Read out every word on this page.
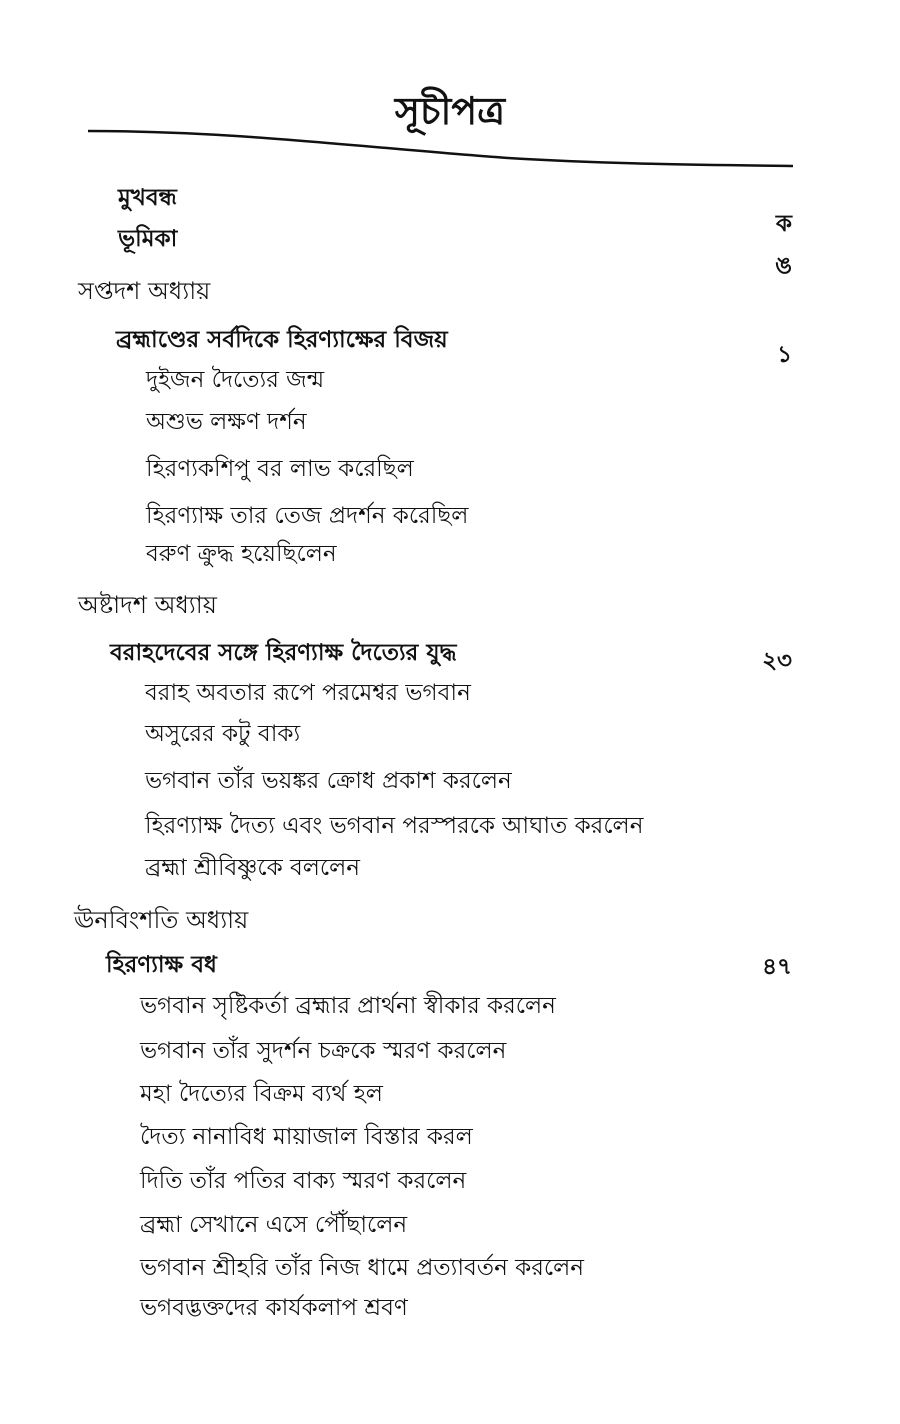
সূচীপত্র
মুখবন্ধ
ভূমিকা
ক
ঙ
সপ্তদশ অধ্যায়
ব্রহ্মাণ্ডের সর্বদিকে হিরণ্যাক্ষের বিজয়
১
দুইজন দৈত্যের জন্ম
অশুভ লক্ষণ দর্শন
হিরণ্যকশিপু বর লাভ করেছিল
হিরণ্যাক্ষ তার তেজ প্রদর্শন করেছিল
বরুণ ক্রুদ্ধ হয়েছিলেন
অষ্টাদশ অধ্যায়
বরাহদেবের সঙ্গে হিরণ্যাক্ষ দৈত্যের যুদ্ধ	২৩
বরাহ অবতার রূপে পরমেশ্বর ভগবান
অসুরের কটু বাক্য
ভগবান তাঁর ভয়ঙ্কর ক্রোধ প্রকাশ করলেন
হিরণ্যাক্ষ দৈত্য এবং ভগবান পরস্পরকে আঘাত করলেন
ব্রহ্মা শ্রীবিষ্ণুকে বললেন
ঊনবিংশতি অধ্যায়
হিরণ্যাক্ষ বধ	৪৭
ভগবান সৃষ্টিকর্তা ব্রহ্মার প্রার্থনা স্বীকার করলেন
ভগবান তাঁর সুদর্শন চক্রকে স্মরণ করলেন
মহা দৈত্যের বিক্রম ব্যর্থ হল
দৈত্য নানাবিধ মায়াজাল বিস্তার করল
দিতি তাঁর পতির বাক্য স্মরণ করলেন
ব্রহ্মা সেখানে এসে পৌঁছালেন
ভগবান শ্রীহরি তাঁর নিজ ধামে প্রত্যাবর্তন করলেন
ভগবদ্ভক্তদের কার্যকলাপ শ্রবণ
